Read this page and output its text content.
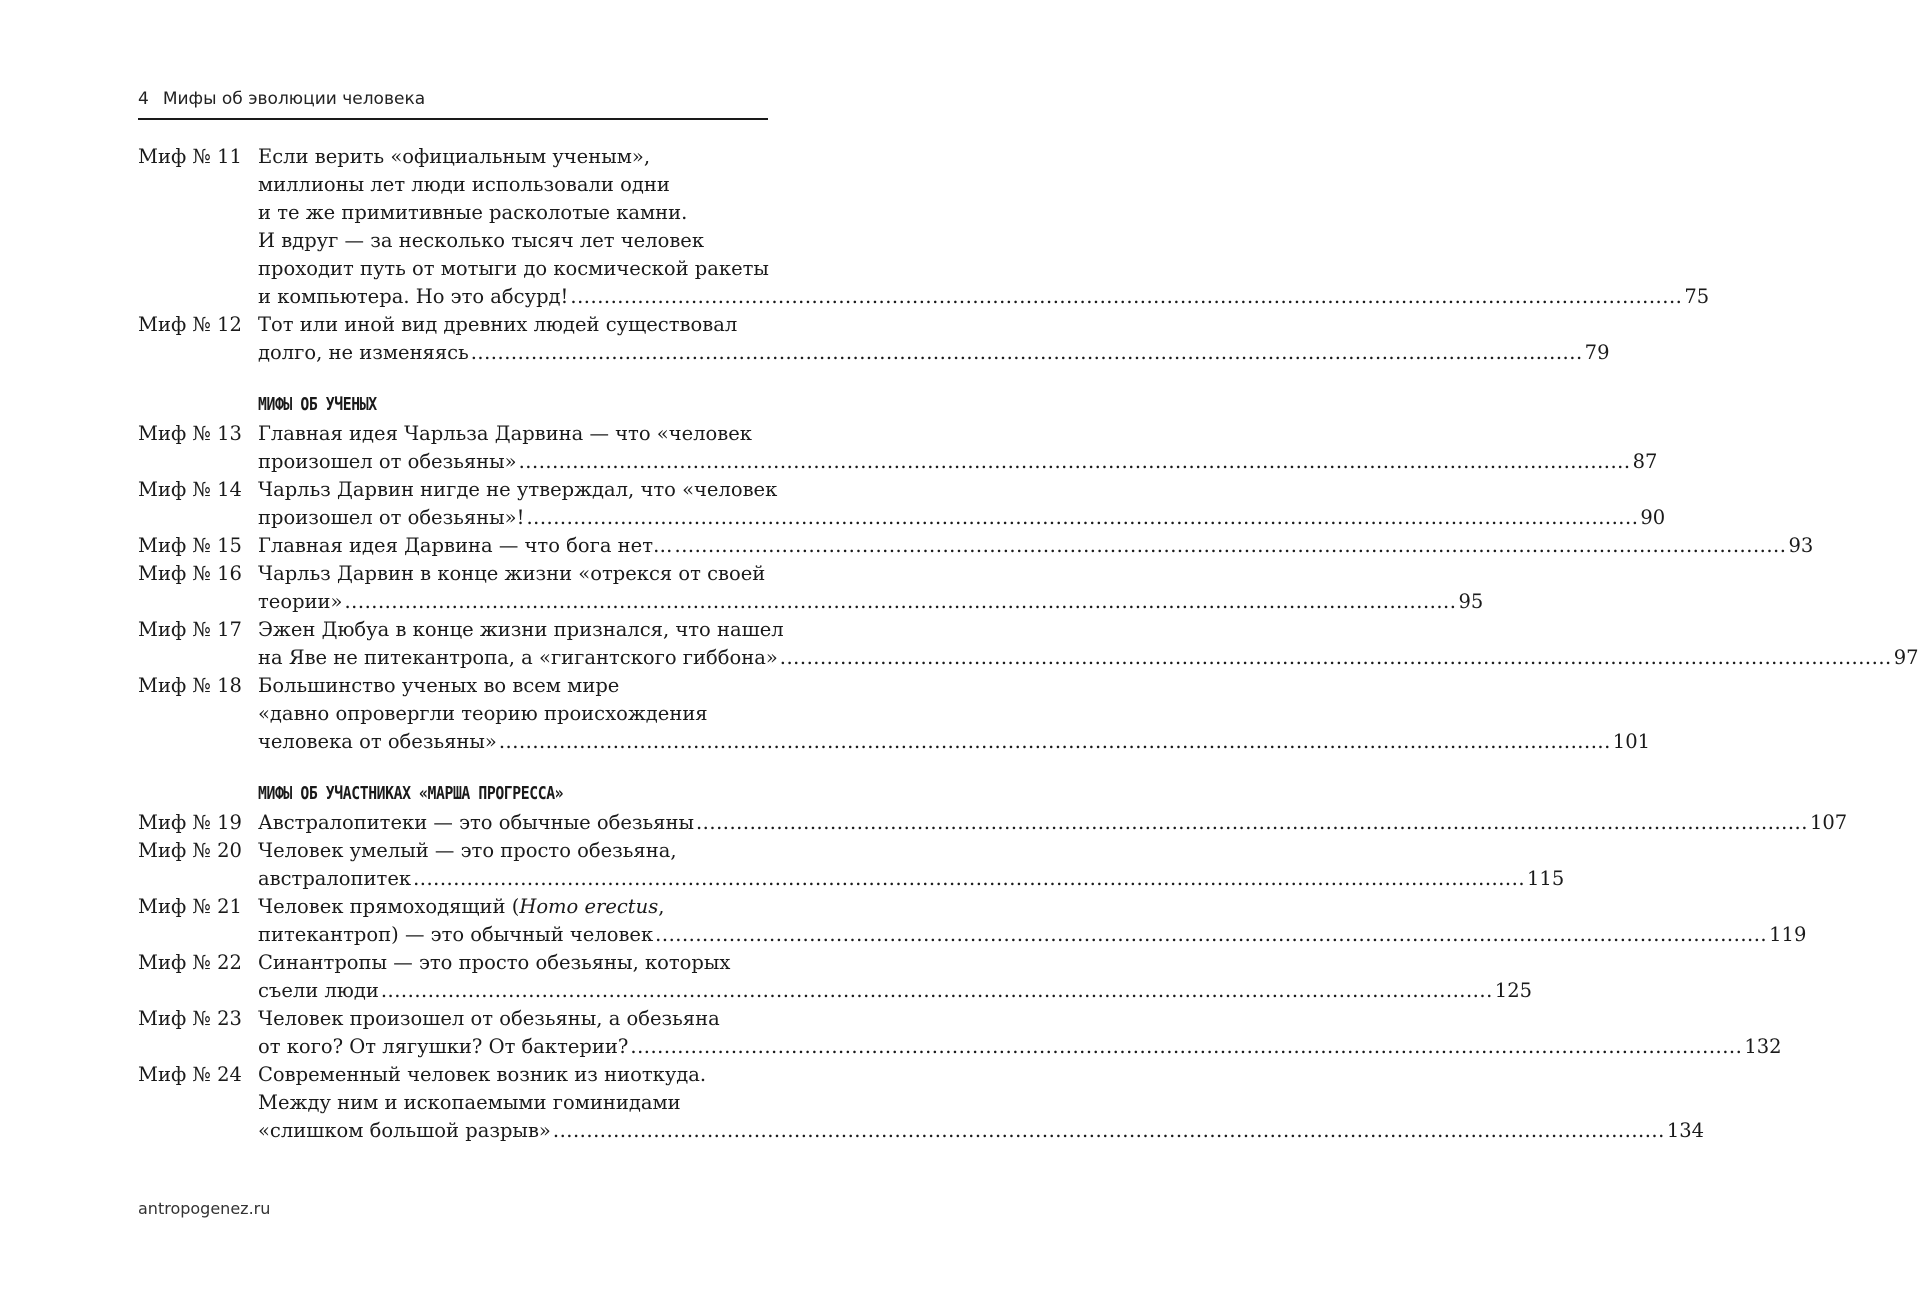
4 Мифы об эволюции человека
Миф № 11 Если верить «официальным ученым»,
миллионы лет люди использовали одни
и те же примитивные расколотые камни.
И вдруг — за несколько тысяч лет человек
проходит путь от мотыги до космической ракеты
и компьютера. Но это абсурд! .....	75
Миф № 12 Тот или иной вид древних людей существовал
долго, не изменяясь .....	79
МИФЫ ОБ УЧЕНЫХ
Миф № 13 Главная идея Чарльза Дарвина — что «человек
произошел от обезьяны» .....	87
Миф № 14 Чарльз Дарвин нигде не утверждал, что «человек
произошел от обезьяны»! .....	90
Миф № 15 Главная идея Дарвина — что бога нет… .....	93
Миф № 16 Чарльз Дарвин в конце жизни «отрекся от своей
теории» .....	95
Миф № 17 Эжен Дюбуа в конце жизни признался, что нашел
на Яве не питекантропа, а «гигантского гиббона» .....	97
Миф № 18 Большинство ученых во всем мире
«давно опровергли теорию происхождения
человека от обезьяны» .....	101
МИФЫ ОБ УЧАСТНИКАХ «МАРША ПРОГРЕССА»
Миф № 19 Австралопитеки — это обычные обезьяны .....	107
Миф № 20 Человек умелый — это просто обезьяна,
австралопитек .....	115
Миф № 21 Человек прямоходящий (Homo erectus,
питекантроп) — это обычный человек .....	119
Миф № 22 Синантропы — это просто обезьяны, которых
съели люди .....	125
Миф № 23 Человек произошел от обезьяны, а обезьяна
от кого? От лягушки? От бактерии? .....	132
Миф № 24 Современный человек возник из ниоткуда.
Между ним и ископаемыми гоминидами
«слишком большой разрыв» .....	134
antropogenez.ru
